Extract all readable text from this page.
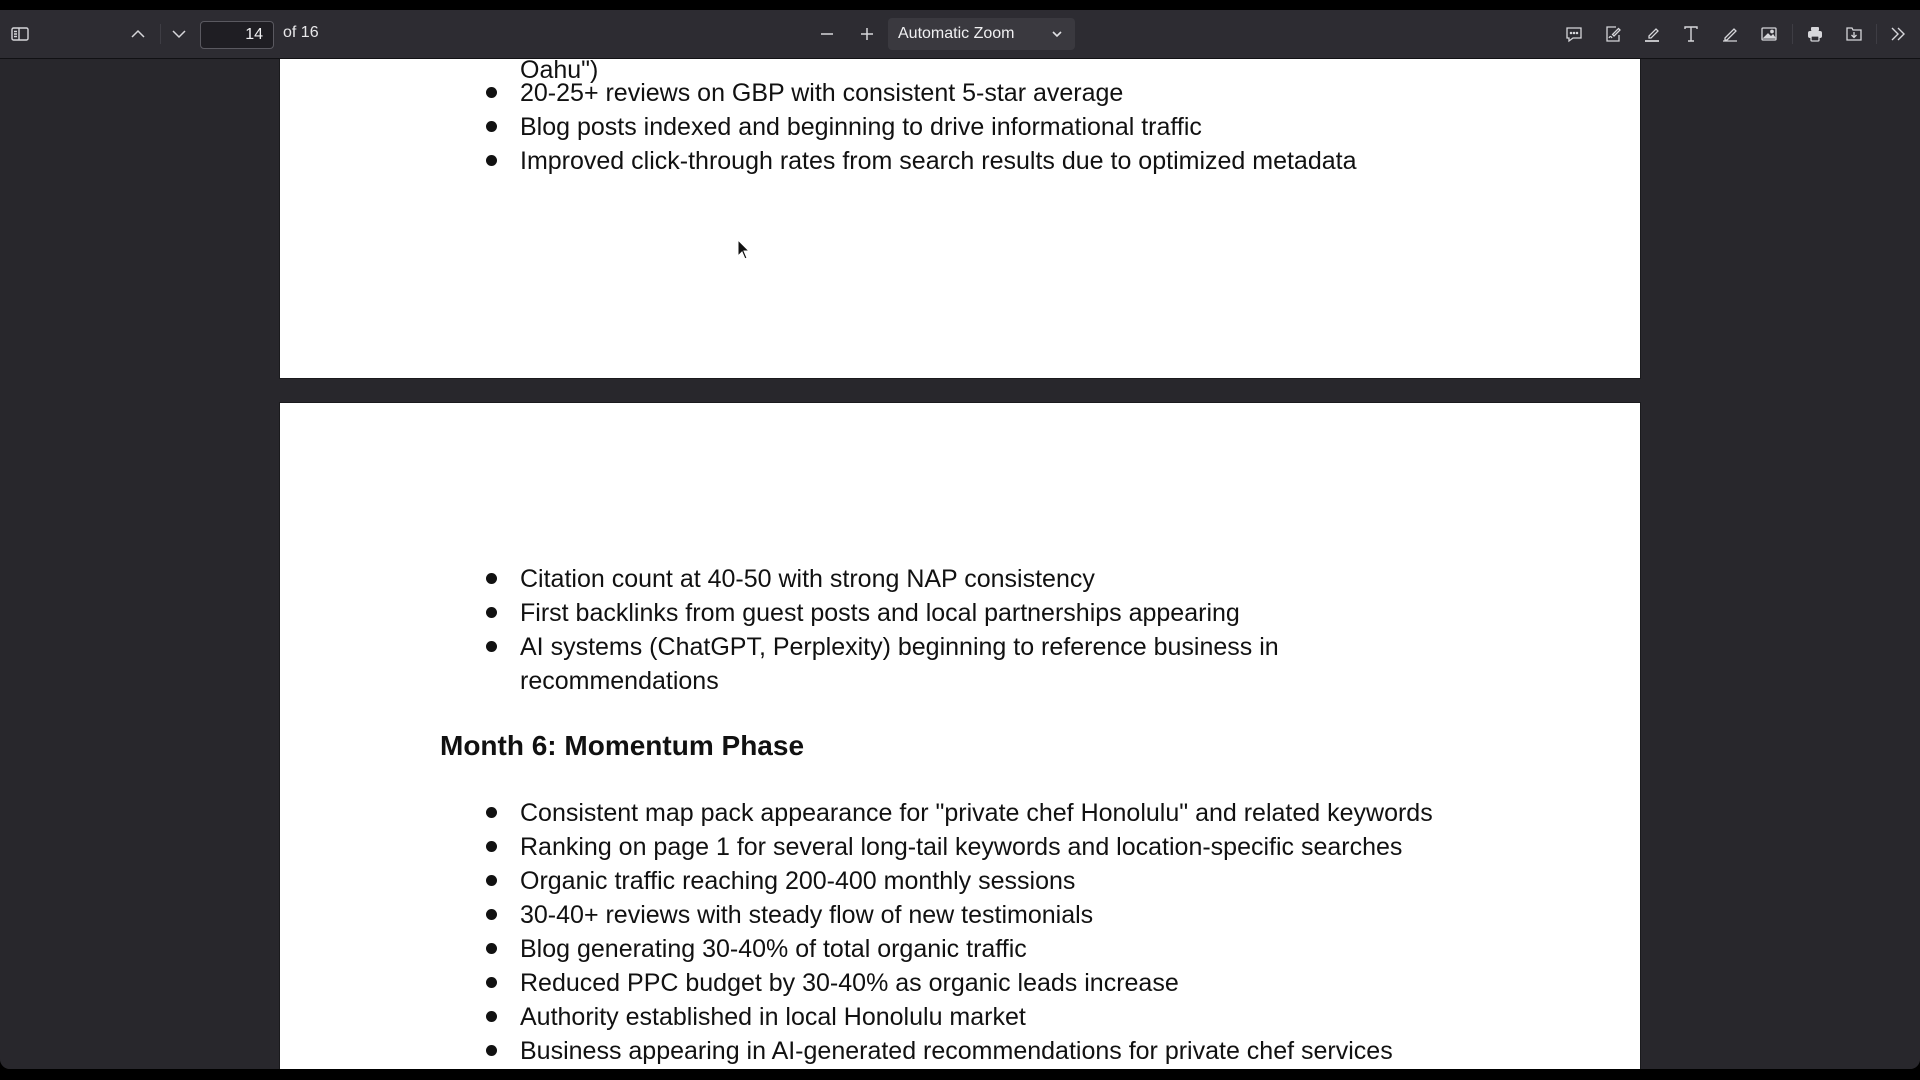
14
of 16	Automatic Zoom

Oahu")
20-25+ reviews on GBP with consistent 5-star average
Blog posts indexed and beginning to drive informational traffic
Improved click-through rates from search results due to optimized metadata
Citation count at 40-50 with strong NAP consistency
First backlinks from guest posts and local partnerships appearing
AI systems (ChatGPT, Perplexity) beginning to reference business in
recommendations
Month 6: Momentum Phase
Consistent map pack appearance for "private chef Honolulu" and related keywords
Ranking on page 1 for several long-tail keywords and location-specific searches
Organic traffic reaching 200-400 monthly sessions
30-40+ reviews with steady flow of new testimonials
Blog generating 30-40% of total organic traffic
Reduced PPC budget by 30-40% as organic leads increase
Authority established in local Honolulu market
Business appearing in AI-generated recommendations for private chef services
